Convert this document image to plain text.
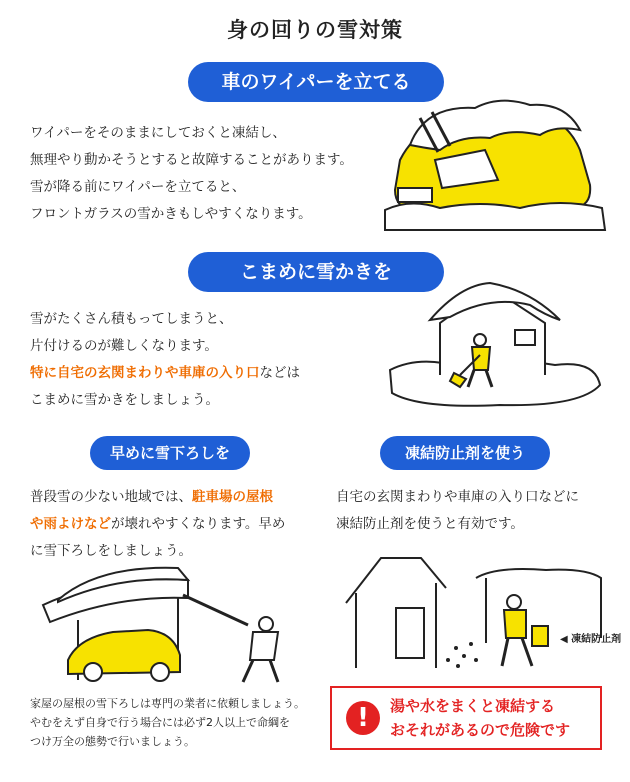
身の回りの雪対策
車のワイパーを立てる
ワイパーをそのままにしておくと凍結し、
無理やり動かそうとすると故障することがあります。
雪が降る前にワイパーを立てると、
フロントガラスの雪かきもしやすくなります。
こまめに雪かきを
雪がたくさん積もってしまうと、
片付けるのが難しくなります。
特に自宅の玄関まわりや車庫の入り口などは
こまめに雪かきをしましょう。
早めに雪下ろしを
普段雪の少ない地域では、駐車場の屋根
や雨よけなどが壊れやすくなります。早め
に雪下ろしをしましょう。
家屋の屋根の雪下ろしは専門の業者に依頼しましょう。
やむをえず自身で行う場合には必ず2人以上で命綱を
つけ万全の態勢で行いましょう。
凍結防止剤を使う
自宅の玄関まわりや車庫の入り口などに
凍結防止剤を使うと有効です。
◀ 凍結防止剤
!	湯や水をまくと凍結する
おそれがあるので危険です
